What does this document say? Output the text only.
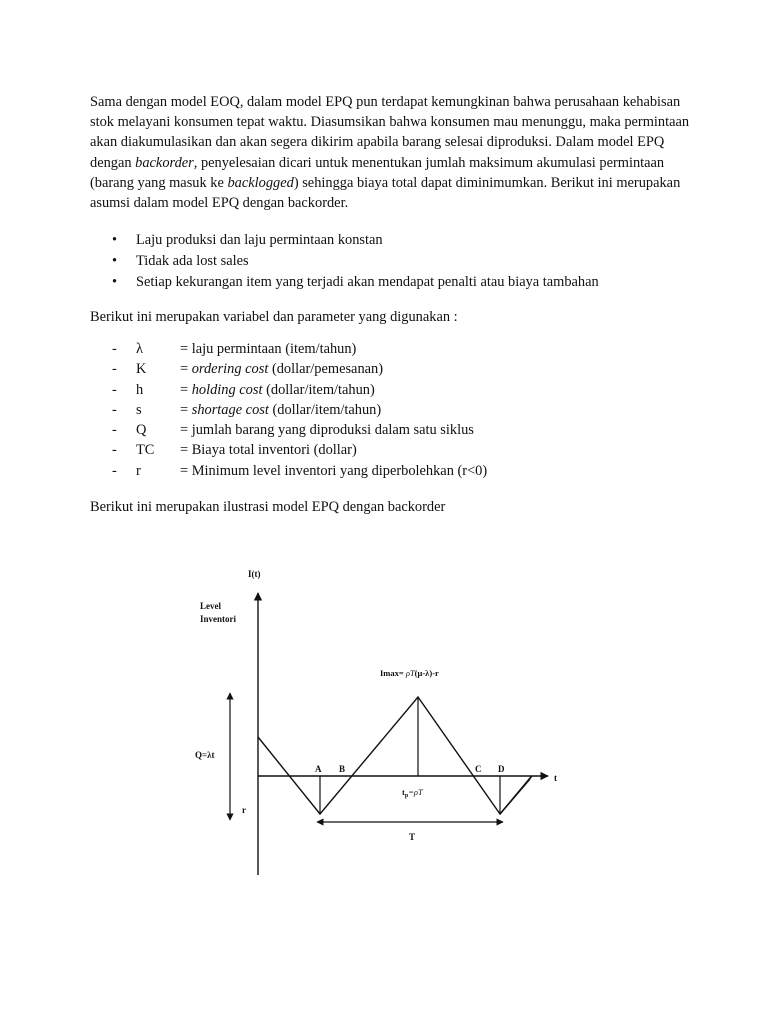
Sama dengan model EOQ, dalam model EPQ pun terdapat kemungkinan bahwa perusahaan kehabisan stok melayani konsumen tepat waktu. Diasumsikan bahwa konsumen mau menunggu, maka permintaan akan diakumulasikan dan akan segera dikirim apabila barang selesai diproduksi. Dalam model EPQ dengan backorder, penyelesaian dicari untuk menentukan jumlah maksimum akumulasi permintaan (barang yang masuk ke backlogged) sehingga biaya total dapat diminimumkan. Berikut ini merupakan asumsi dalam model EPQ dengan backorder.

• Laju produksi dan laju permintaan konstan
• Tidak ada lost sales
• Setiap kekurangan item yang terjadi akan mendapat penalti atau biaya tambahan

Berikut ini merupakan variabel dan parameter yang digunakan :

- λ	= laju permintaan (item/tahun)
- K = ordering cost (dollar/pemesanan)
- h	= holding cost (dollar/item/tahun)
- s	= shortage cost (dollar/item/tahun)
- Q = jumlah barang yang diproduksi dalam satu siklus
- TC = Biaya total inventori (dollar)
- r	= Minimum level inventori yang diperbolehkan (r<0)

Berikut ini merupakan ilustrasi model EPQ dengan backorder

I(t)
Level
Inventori
Q=λt
r
Imax= ρT(μ-λ)-r
A B	C D
t
$t_p=\rho T$
T
